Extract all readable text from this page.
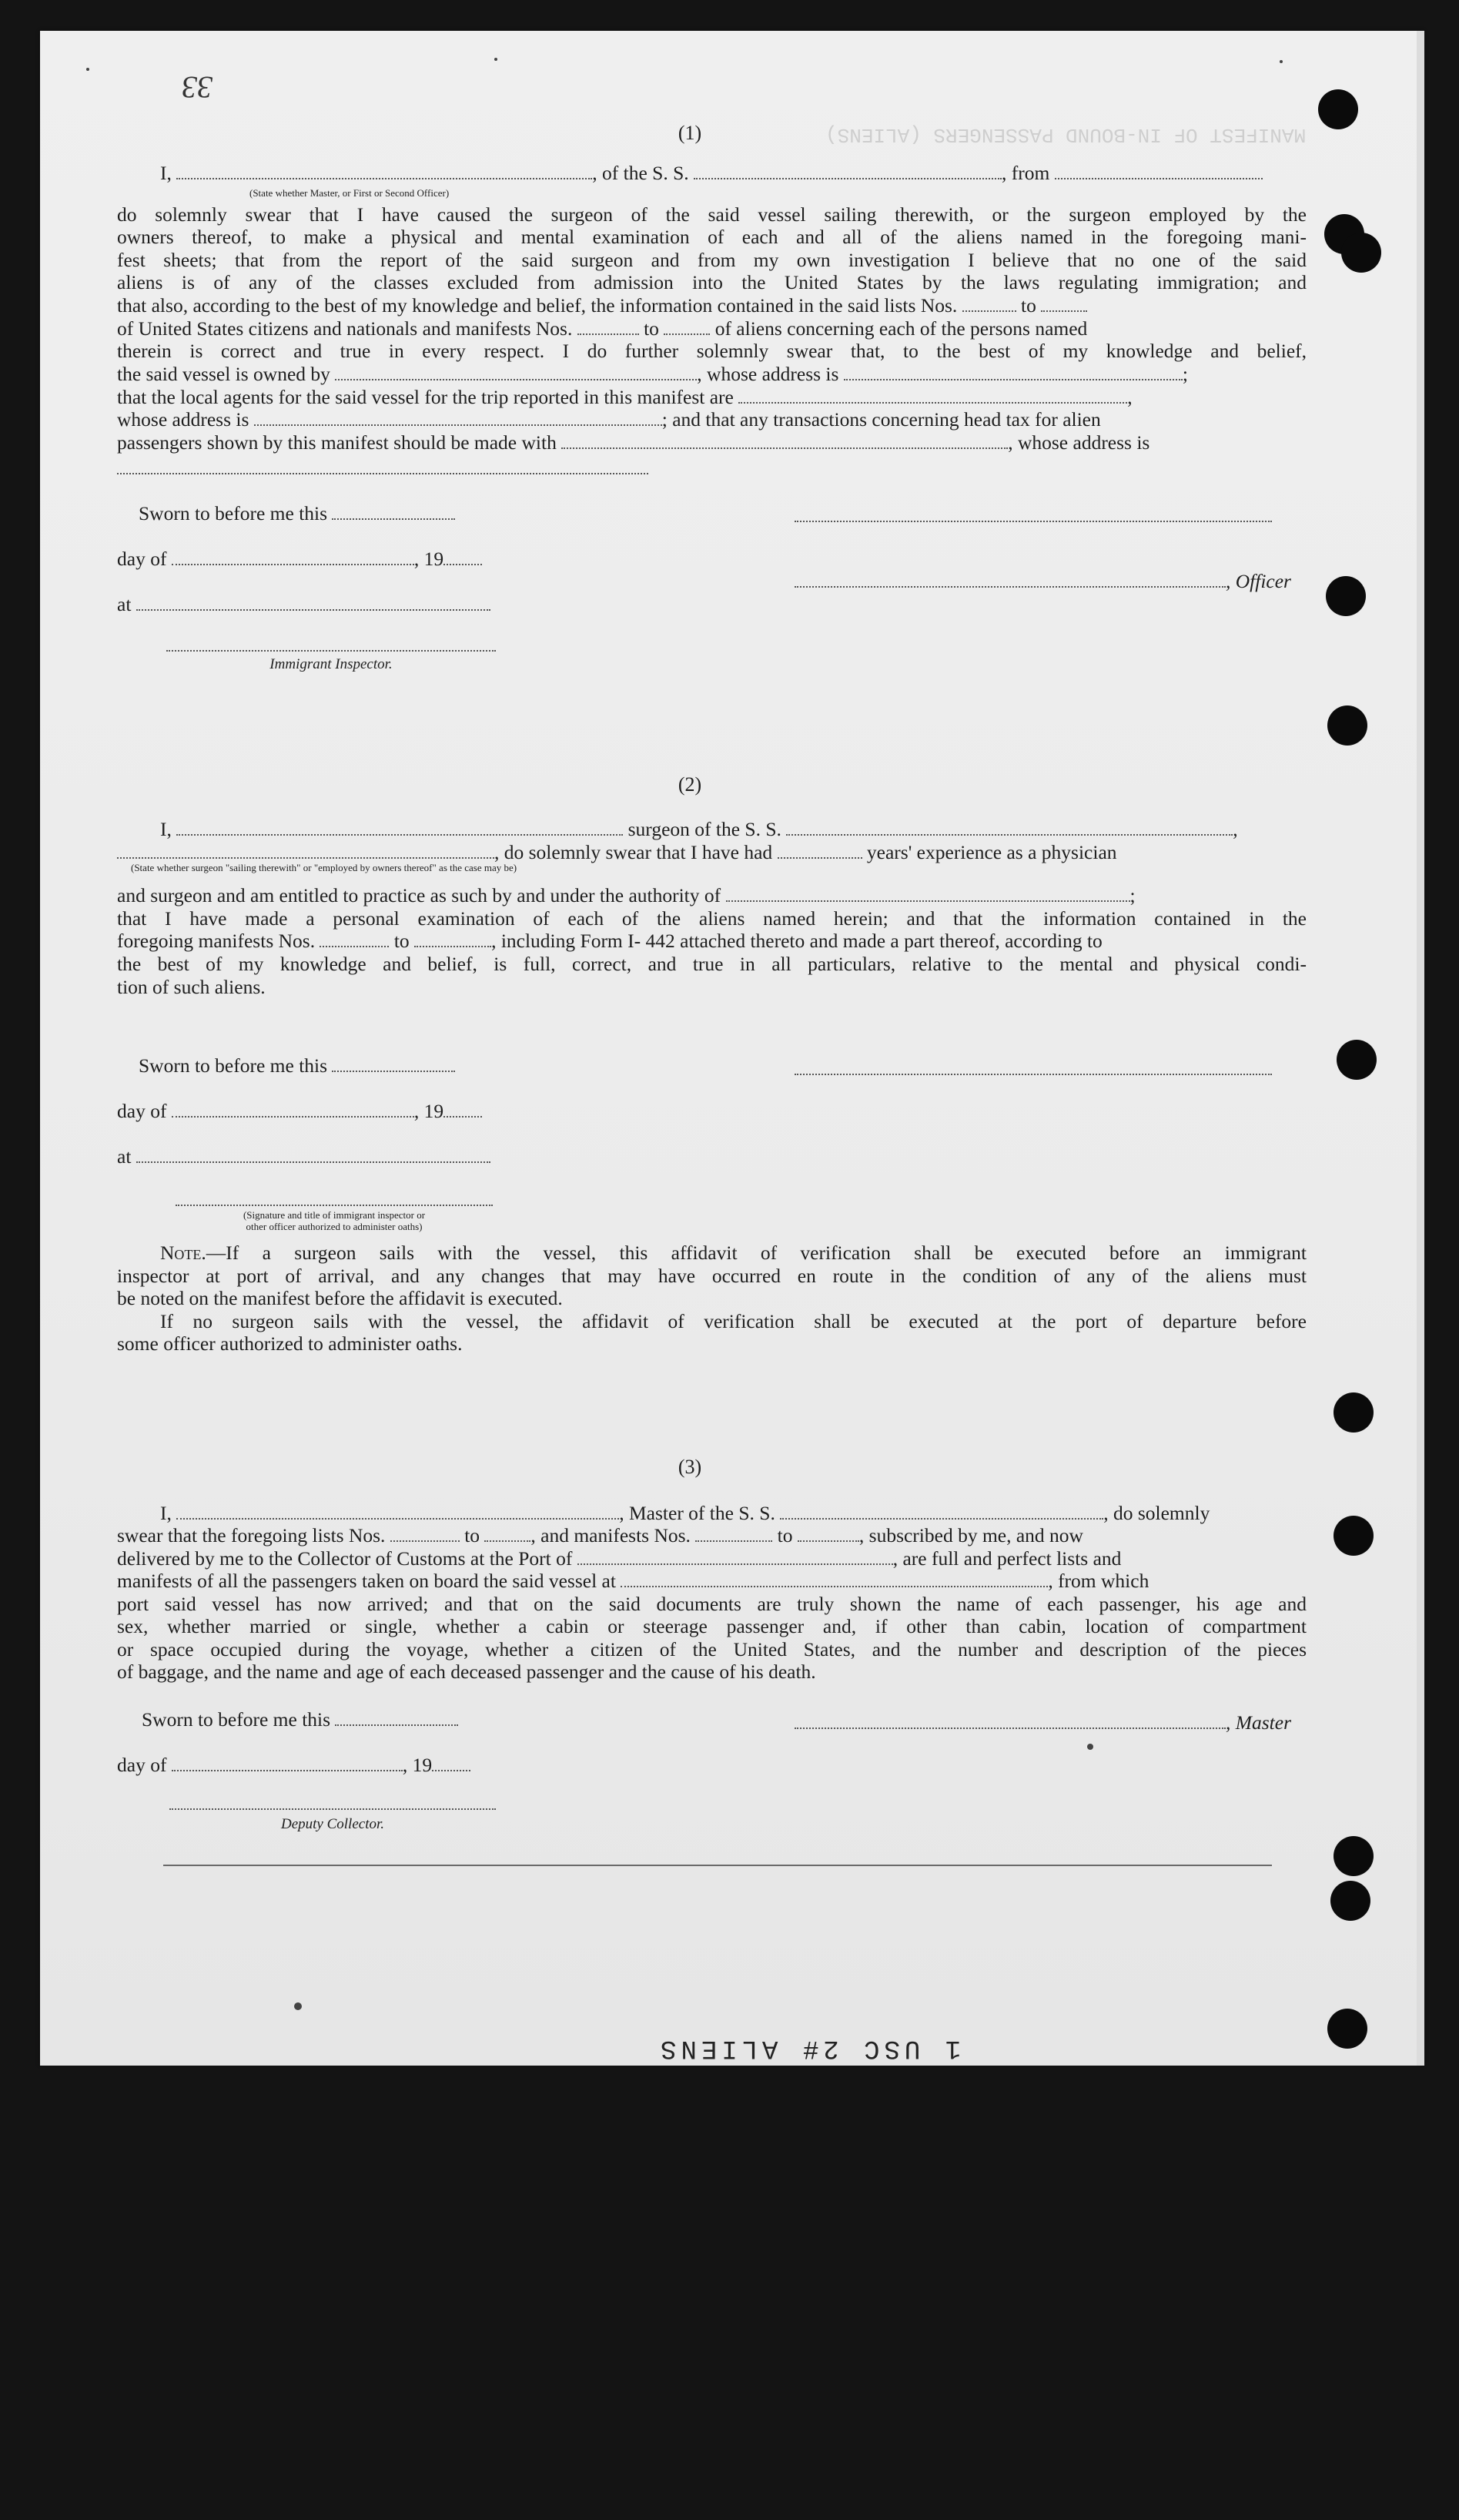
33
(1)
I,	, of the S. S.	, from
(State whether Master, or First or Second Officer)
do solemnly swear that I have caused the surgeon of the said vessel sailing therewith, or the surgeon employed by the
owners thereof, to make a physical and mental examination of each and all of the aliens named in the foregoing mani-
fest sheets; that from the report of the said surgeon and from my own investigation I believe that no one of the said
aliens is of any of the classes excluded from admission into the United States by the laws regulating immigration; and
that also, according to the best of my knowledge and belief, the information contained in the said lists Nos.	to
of United States citizens and nationals and manifests Nos.	to	of aliens concerning each of the persons named
therein is correct and true in every respect. I do further solemnly swear that, to the best of my knowledge and belief,
the said vessel is owned by	, whose address is	;
that the local agents for the said vessel for the trip reported in this manifest are	,
whose address is	; and that any transactions concerning head tax for alien
passengers shown by this manifest should be made with	, whose address is
Sworn to before me this
day of	, 19
, Officer
at
Immigrant Inspector.
(2)
I,	surgeon of the S. S.	,
, do solemnly swear that I have had	years' experience as a physician
(State whether surgeon "sailing therewith" or "employed by owners thereof" as the case may be)
and surgeon and am entitled to practice as such by and under the authority of	;
that I have made a personal examination of each of the aliens named herein; and that the information contained in the
foregoing manifests Nos.	to	, including Form I- 442 attached thereto and made a part thereof, according to
the best of my knowledge and belief, is full, correct, and true in all particulars, relative to the mental and physical condi-
tion of such aliens.
Sworn to before me this
day of	, 19
at
(Signature and title of immigrant inspector or
other officer authorized to administer oaths)
Note.—If a surgeon sails with the vessel, this affidavit of verification shall be executed before an immigrant
inspector at port of arrival, and any changes that may have occurred en route in the condition of any of the aliens must
be noted on the manifest before the affidavit is executed.
If no surgeon sails with the vessel, the affidavit of verification shall be executed at the port of departure before
some officer authorized to administer oaths.
(3)
I,	, Master of the S. S.	, do solemnly
swear that the foregoing lists Nos.	to	, and manifests Nos.	to	, subscribed by me, and now
delivered by me to the Collector of Customs at the Port of	, are full and perfect lists and
manifests of all the passengers taken on board the said vessel at	, from which
port said vessel has now arrived; and that on the said documents are truly shown the name of each passenger, his age and
sex, whether married or single, whether a cabin or steerage passenger and, if other than cabin, location of compartment
or space occupied during the voyage, whether a citizen of the United States, and the number and description of the pieces
of baggage, and the name and age of each deceased passenger and the cause of his death.
Sworn to before me this	, Master
day of	, 19
Deputy Collector.
1 USC 2# ALIENS
MANIFEST OF IN-BOUND PASSENGERS (ALIENS)
